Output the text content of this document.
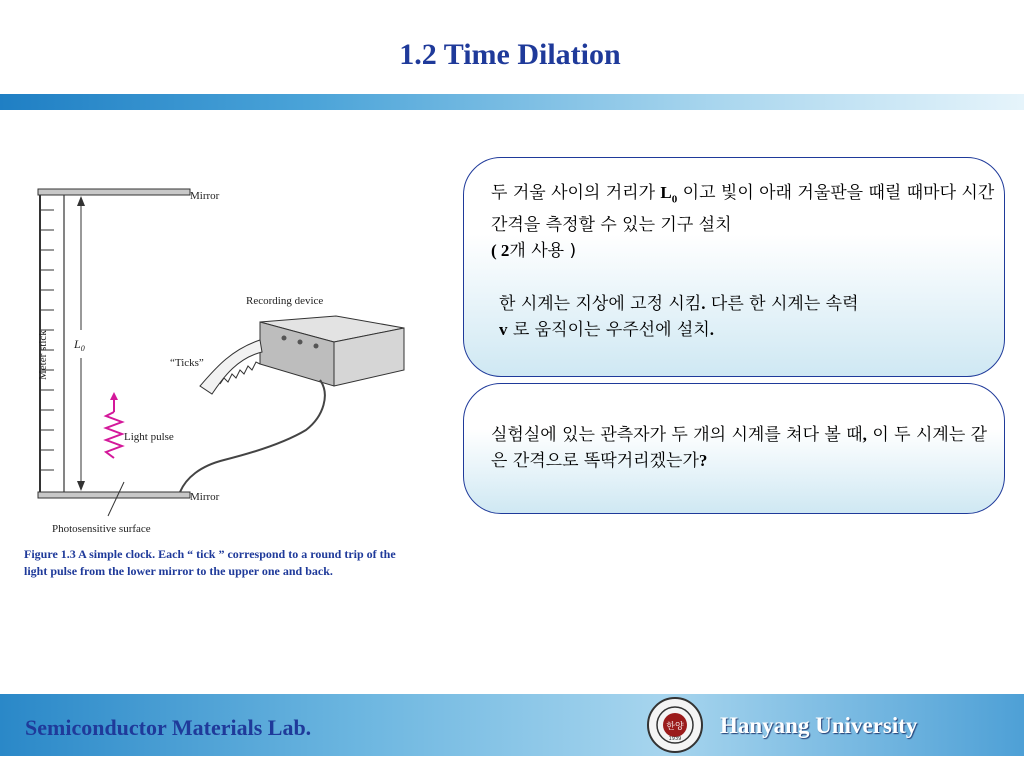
1.2 Time Dilation
Meter stick
Mirror
Mirror
$L_0$
Light pulse
Photosensitive surface
Recording device
“Ticks”
Figure 1.3 A simple clock. Each “ tick ” correspond to a round trip of the
light pulse from the lower mirror to the upper one and back.
두 거울 사이의 거리가 $L_0$ 이고 빛이 아래 거울판을 때릴 때마다 시간간격을 측정할 수 있는 기구 설치
( 2개 사용 )
한 시계는 지상에 고정 시킴. 다른 한 시계는 속력
v 로 움직이는 우주선에 설치.
실험실에 있는 관측자가 두 개의 시계를 쳐다 볼 때, 이 두 시계는 같은 간격으로 똑딱거리겠는가?
Semiconductor Materials Lab.	한양
1939
Hanyang University
